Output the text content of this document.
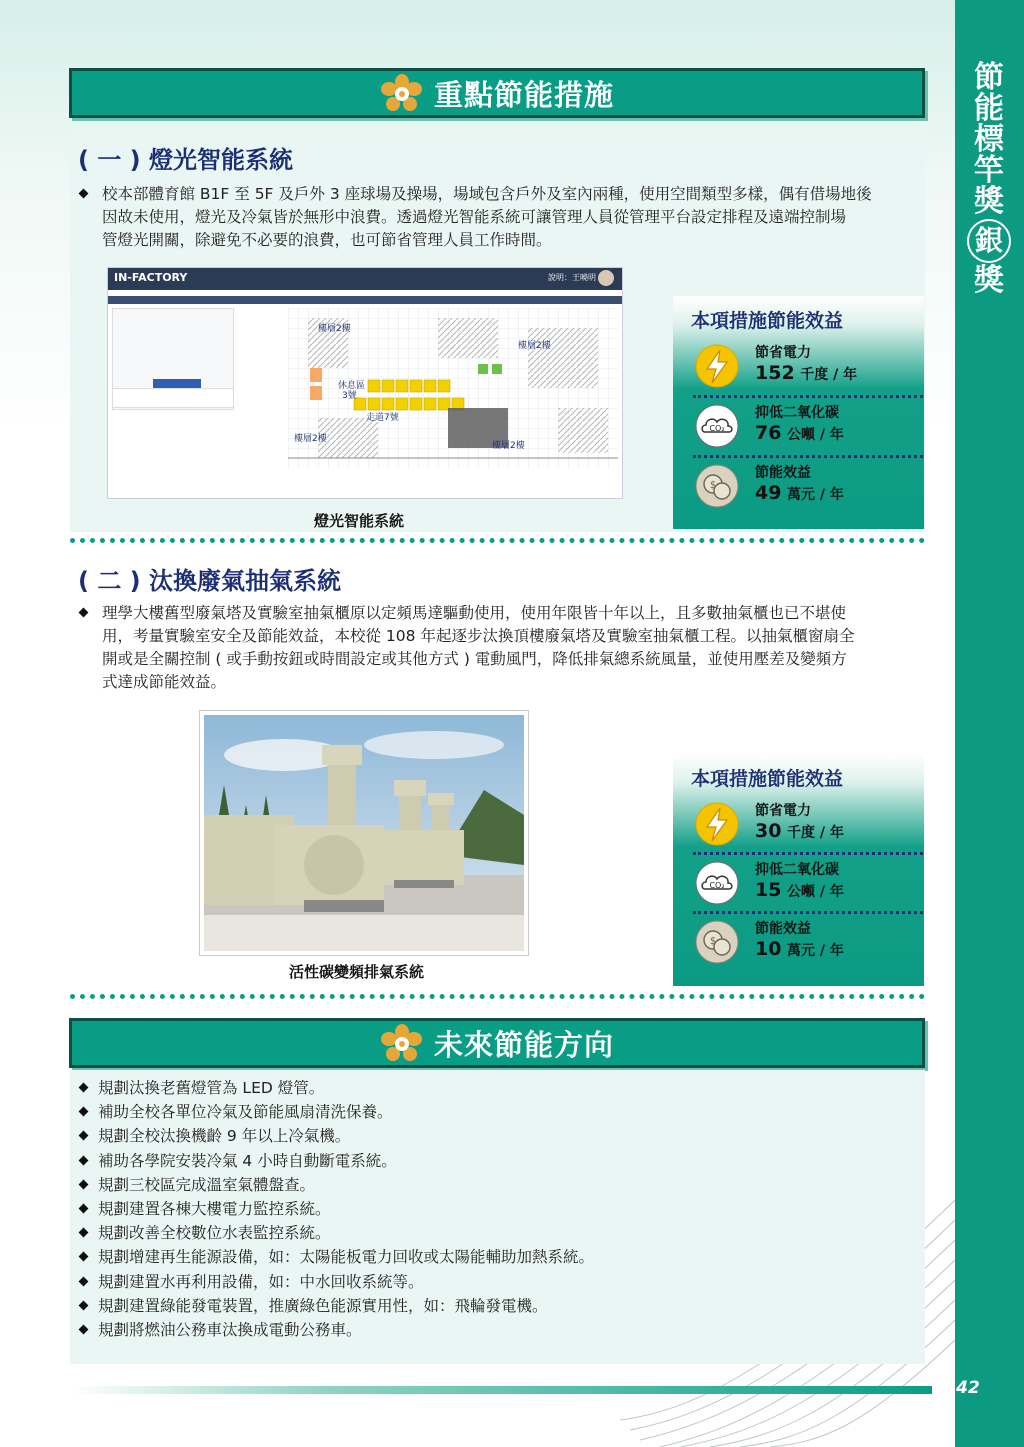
節
能
標
竿
獎
銀
獎
重點節能措施
( 一 ) 燈光智能系統
校本部體育館 B1F 至 5F 及戶外 3 座球場及操場，場域包含戶外及室內兩種，使用空間類型多樣，偶有借場地後
因故未使用，燈光及冷氣皆於無形中浪費。透過燈光智能系統可讓管理人員從管理平台設定排程及遠端控制場
管燈光開關，除避免不必要的浪費，也可節省管理人員工作時間。
IN-FACTORY	說明：王曉明
樓層2樓
樓層2樓
休息區
3號
走道7號
樓層2樓
樓層2樓
燈光智能系統
本項措施節能效益
節省電力
152 千度 / 年
CO₂
抑低二氧化碳
76 公噸 / 年
$
節能效益
49 萬元 / 年
( 二 ) 汰換廢氣抽氣系統
理學大樓舊型廢氣塔及實驗室抽氣櫃原以定頻馬達驅動使用，使用年限皆十年以上，且多數抽氣櫃也已不堪使
用，考量實驗室安全及節能效益，本校從 108 年起逐步汰換頂樓廢氣塔及實驗室抽氣櫃工程。以抽氣櫃窗扇全
開或是全關控制 ( 或手動按鈕或時間設定或其他方式 ) 電動風門，降低排氣總系統風量，並使用壓差及變頻方
式達成節能效益。
活性碳變頻排氣系統
本項措施節能效益
節省電力
30 千度 / 年
CO₂
抑低二氧化碳
15 公噸 / 年
$
節能效益
10 萬元 / 年
未來節能方向
規劃汰換老舊燈管為 LED 燈管。
補助全校各單位冷氣及節能風扇清洗保養。
規劃全校汰換機齡 9 年以上冷氣機。
補助各學院安裝冷氣 4 小時自動斷電系統。
規劃三校區完成溫室氣體盤查。
規劃建置各棟大樓電力監控系統。
規劃改善全校數位水表監控系統。
規劃增建再生能源設備，如：太陽能板電力回收或太陽能輔助加熱系統。
規劃建置水再利用設備，如：中水回收系統等。
規劃建置綠能發電裝置，推廣綠色能源實用性，如：飛輪發電機。
規劃將燃油公務車汰換成電動公務車。
42
